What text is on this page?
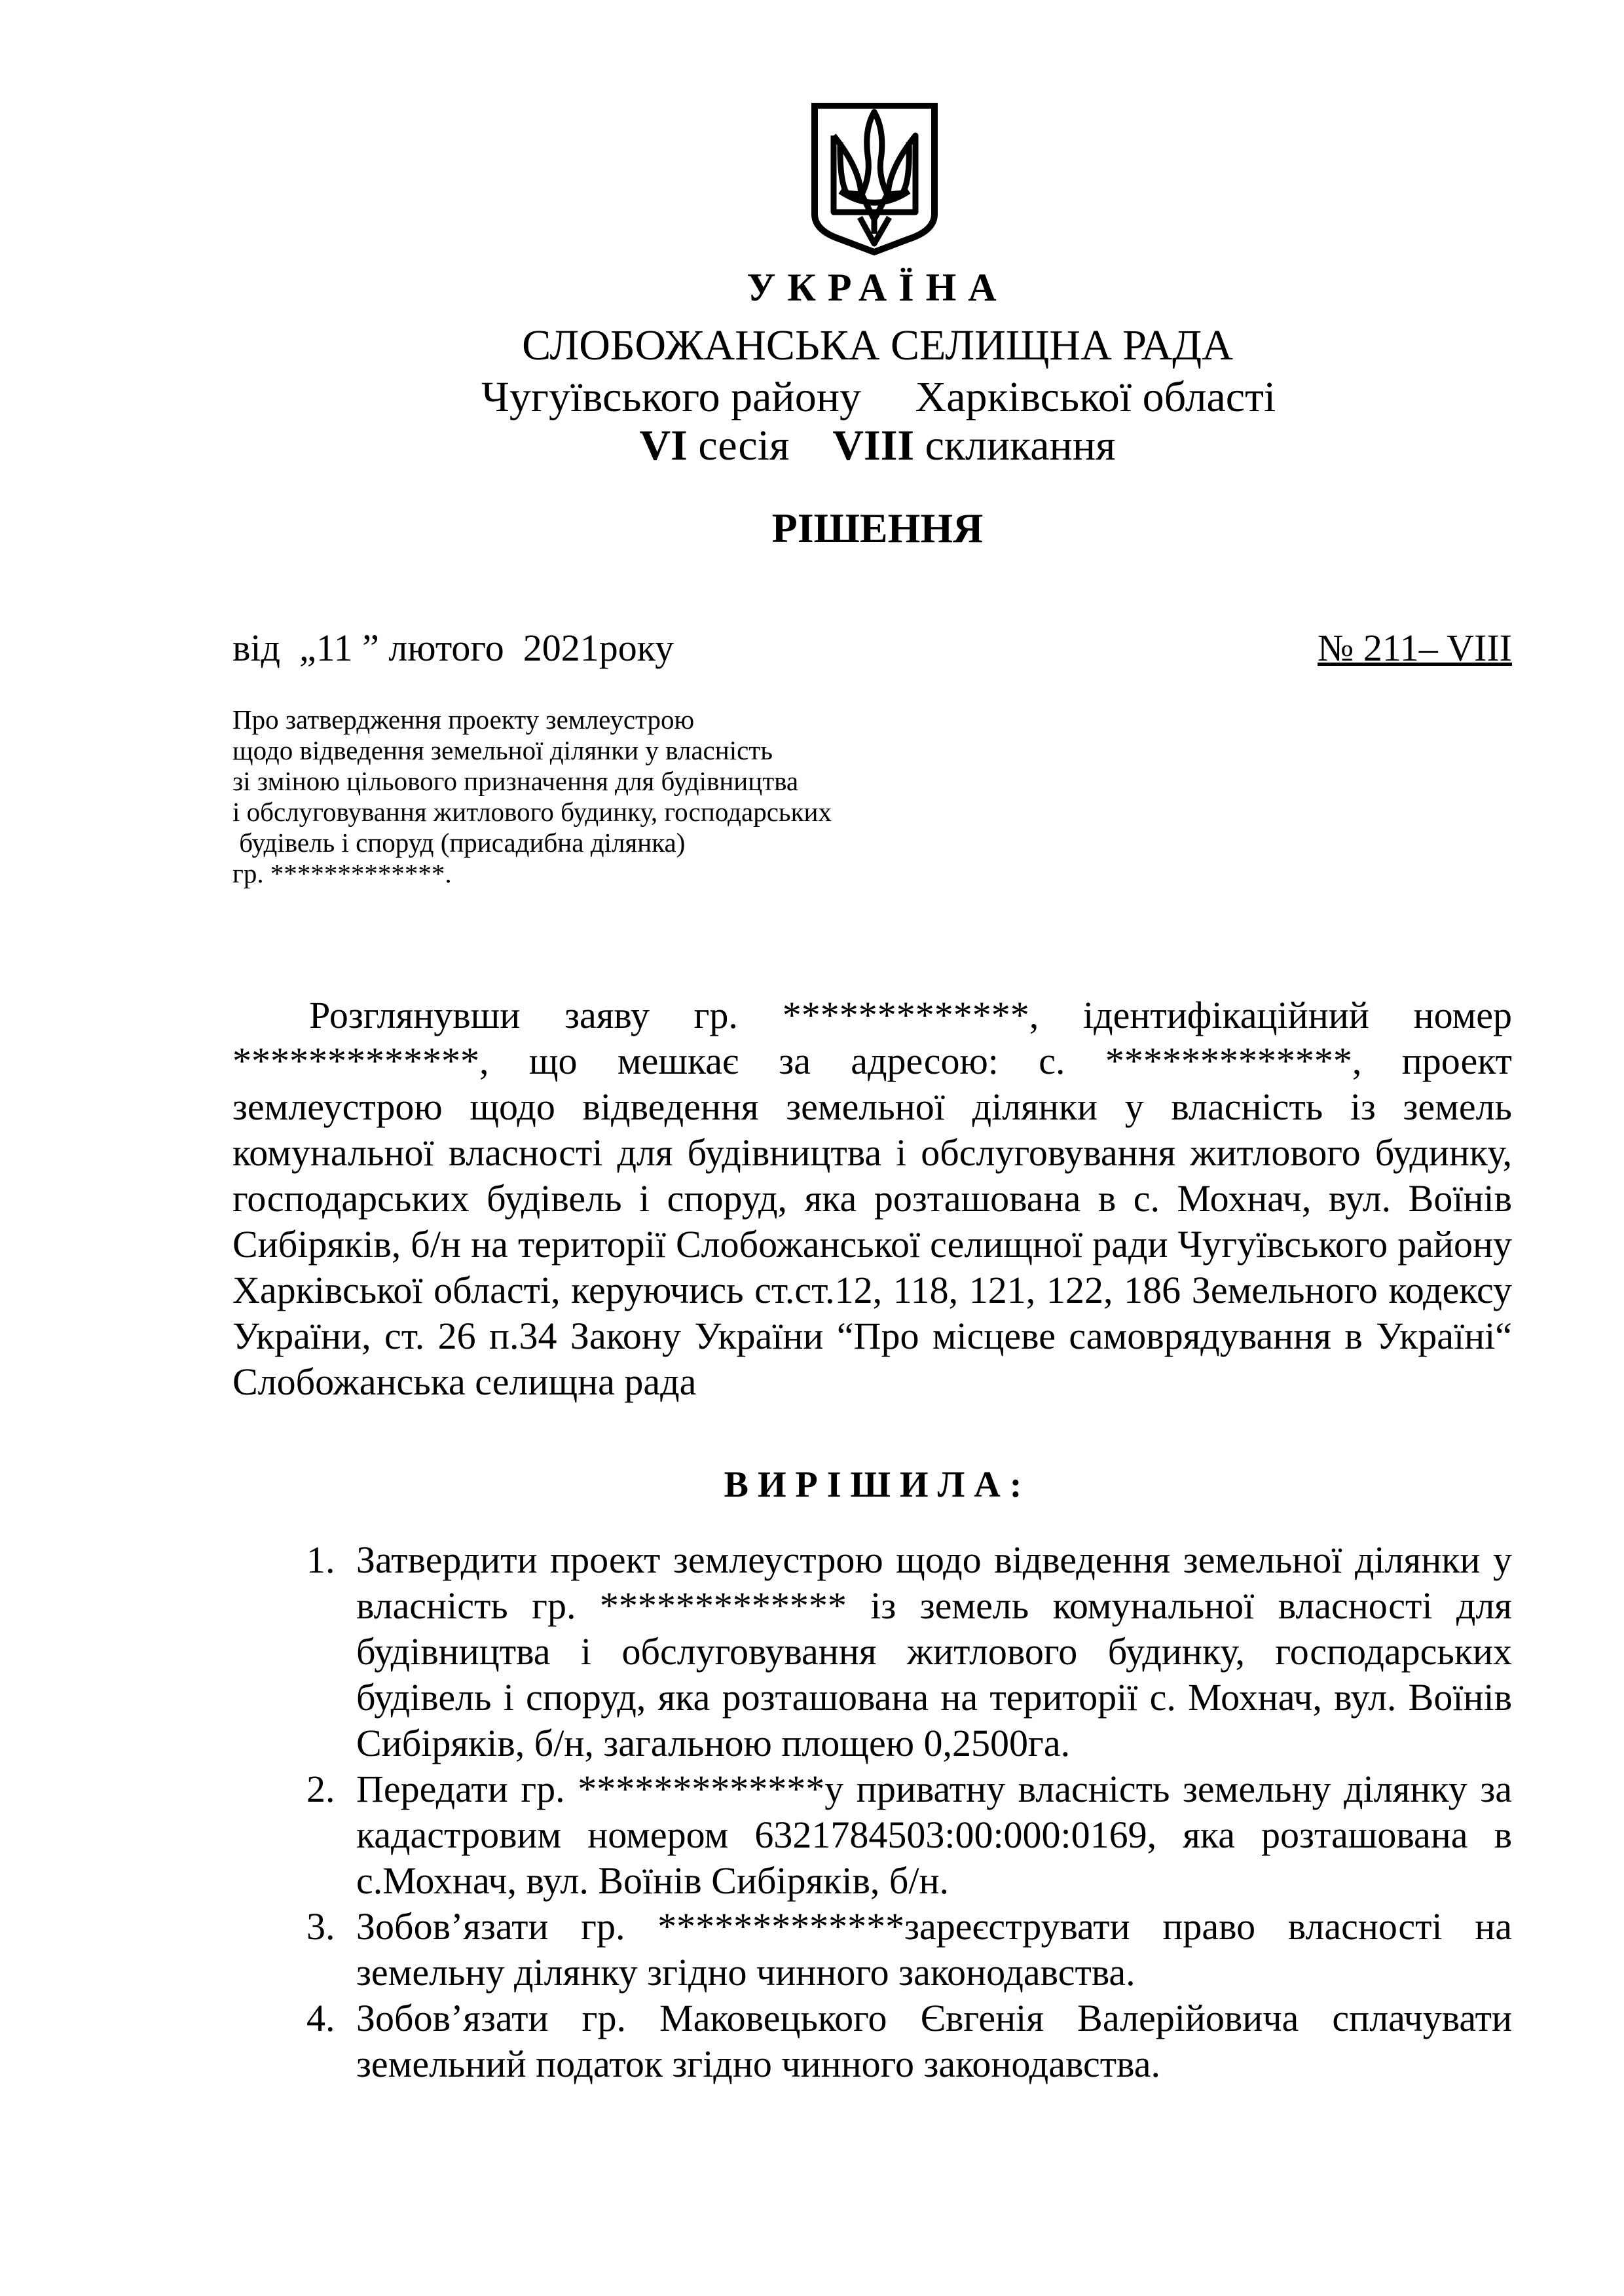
УКРАЇНА
СЛОБОЖАНСЬКА СЕЛИЩНА РАДА
Чугуївського району     Харківської області
VI сесія VIII скликання
РІШЕННЯ
від  „11 ” лютого  2021року	№ 211– VIII
Про затвердження проекту землеустрою
щодо відведення земельної ділянки у власність
зі зміною цільового призначення для будівництва
і обслуговування житлового будинку, господарських
будівель і споруд (присадибна ділянка)
гр. *************.
Розглянувши заяву гр. *************, ідентифікаційний номер *************, що мешкає за адресою: с. *************, проект землеустрою щодо відведення земельної ділянки у власність із земель комунальної власності для будівництва і обслуговування житлового будинку, господарських будівель і споруд, яка розташована в с. Мохнач, вул. Воїнів Сибіряків, б/н на території Слобожанської селищної ради Чугуївського району Харківської області, керуючись ст.ст.12, 118, 121, 122, 186 Земельного кодексу України, ст. 26 п.34 Закону України “Про місцеве самоврядування в Україні“ Слобожанська селищна рада
ВИРІШИЛА:
1. Затвердити проект землеустрою щодо відведення земельної ділянки у власність гр. ************* із земель комунальної власності для будівництва і обслуговування житлового будинку, господарських будівель і споруд, яка розташована на території с. Мохнач, вул. Воїнів Сибіряків, б/н, загальною площею 0,2500га.
2. Передати гр. *************у приватну власність земельну ділянку за кадастровим номером 6321784503:00:000:0169, яка розташована в с.Мохнач, вул. Воїнів Сибіряків, б/н.
3. Зобов’язати гр. *************зареєструвати право власності на земельну ділянку згідно чинного законодавства.
4. Зобов’язати гр. Маковецького Євгенія Валерійовича сплачувати земельний податок згідно чинного законодавства.
